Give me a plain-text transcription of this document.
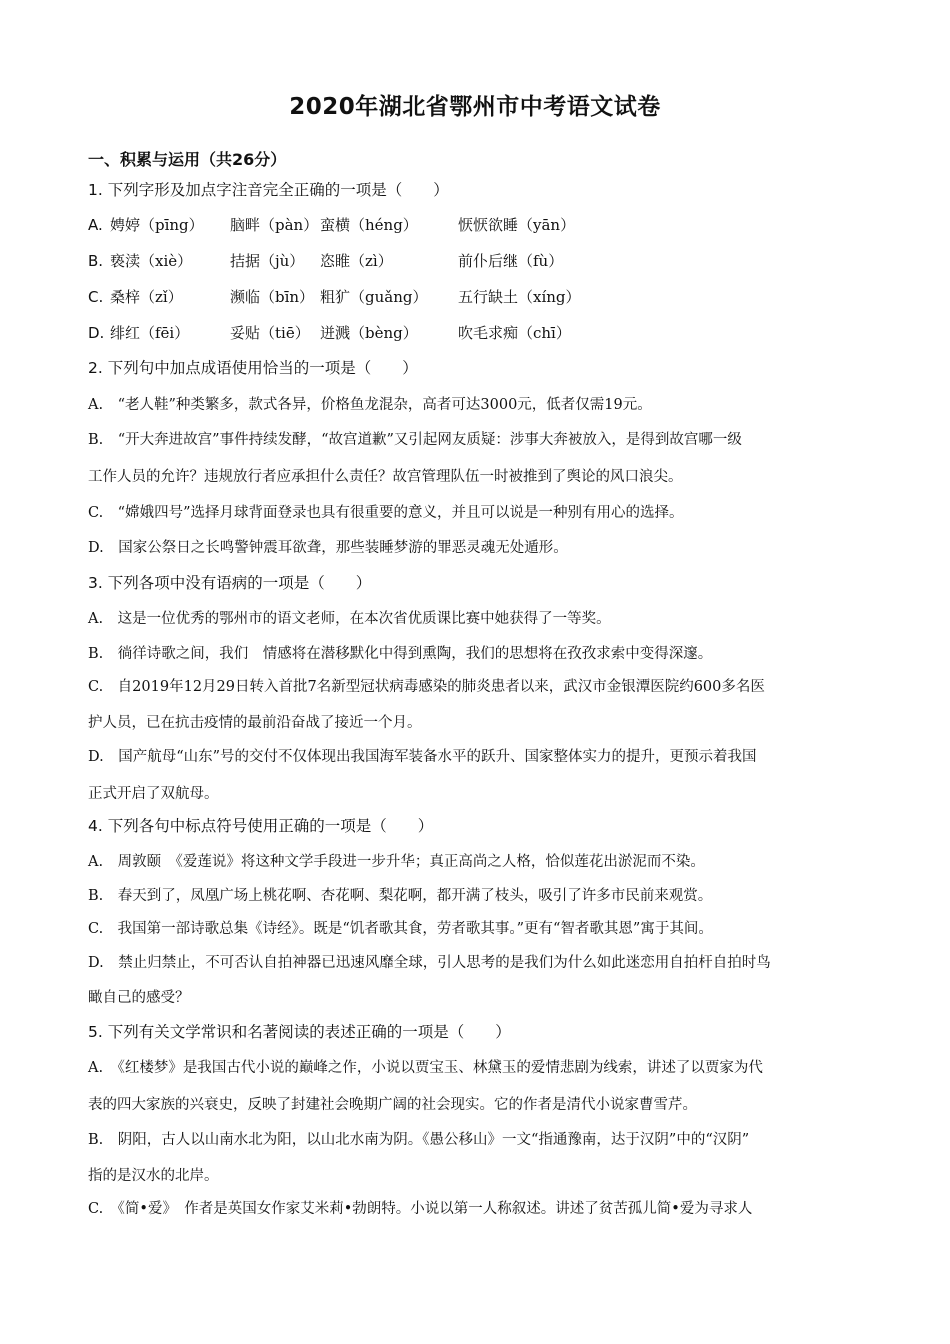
2020年湖北省鄂州市中考语文试卷
一、积累与运用（共26分）
1. 下列字形及加点字注音完全正确的一项是（　　）
A. 娉婷（pīng） 脑畔（pàn） 蛮横（héng）	恹恹欲睡（yān）
B. 亵渎（xiè）	拮据（jù） 恣睢（zì）	前仆后继（fù）
C. 桑梓（zǐ）	濒临（bīn） 粗犷（guǎng） 五行缺土（xíng）
D. 绯红（fēi）	妥贴（tiē） 迸溅（bèng）	吹毛求痴（chī）
2. 下列句中加点成语使用恰当的一项是（　　）
A.　“老人鞋”种类繁多，款式各异，价格鱼龙混杂，高者可达3000元，低者仅需19元。
B.　“开大奔进故宫”事件持续发酵，“故宫道歉”又引起网友质疑：涉事大奔被放入，是得到故宫哪一级
工作人员的允许？违规放行者应承担什么责任？故宫管理队伍一时被推到了舆论的风口浪尖。
C.　“嫦娥四号”选择月球背面登录也具有很重要的意义，并且可以说是一种别有用心的选择。
D.　国家公祭日之长鸣警钟震耳欲聋，那些装睡梦游的罪恶灵魂无处遁形。
3. 下列各项中没有语病的一项是（　　）
A.　这是一位优秀的鄂州市的语文老师，在本次省优质课比赛中她获得了一等奖。
B.　徜徉诗歌之间，我们　情感将在潜移默化中得到熏陶，我们的思想将在孜孜求索中变得深邃。
C.　自2019年12月29日转入首批7名新型冠状病毒感染的肺炎患者以来，武汉市金银潭医院约600多名医
护人员，已在抗击疫情的最前沿奋战了接近一个月。
D.　国产航母“山东”号的交付不仅体现出我国海军装备水平的跃升、国家整体实力的提升，更预示着我国
正式开启了双航母。
4. 下列各句中标点符号使用正确的一项是（　　）
A.　周敦颐　《爱莲说》将这种文学手段进一步升华；真正高尚之人格，恰似莲花出淤泥而不染。
B.　春天到了，凤凰广场上桃花啊、杏花啊、梨花啊，都开满了枝头，吸引了许多市民前来观赏。
C.　我国第一部诗歌总集《诗经》。既是“饥者歌其食，劳者歌其事。”更有“智者歌其恩”寓于其间。
D.　禁止归禁止，不可否认自拍神器已迅速风靡全球，引人思考的是我们为什么如此迷恋用自拍杆自拍时鸟
瞰自己的感受？
5. 下列有关文学常识和名著阅读的表述正确的一项是（　　）
A.　《红楼梦》是我国古代小说的巅峰之作，小说以贾宝玉、林黛玉的爱情悲剧为线索，讲述了以贾家为代
表的四大家族的兴衰史，反映了封建社会晚期广阔的社会现实。它的作者是清代小说家曹雪芹。
B.　阴阳，古人以山南水北为阳，以山北水南为阴。《愚公移山》一文“指通豫南，达于汉阴”中的“汉阴”
指的是汉水的北岸。
C.　《简•爱》　作者是英国女作家艾米莉•勃朗特。小说以第一人称叙述。讲述了贫苦孤儿简•爱为寻求人
